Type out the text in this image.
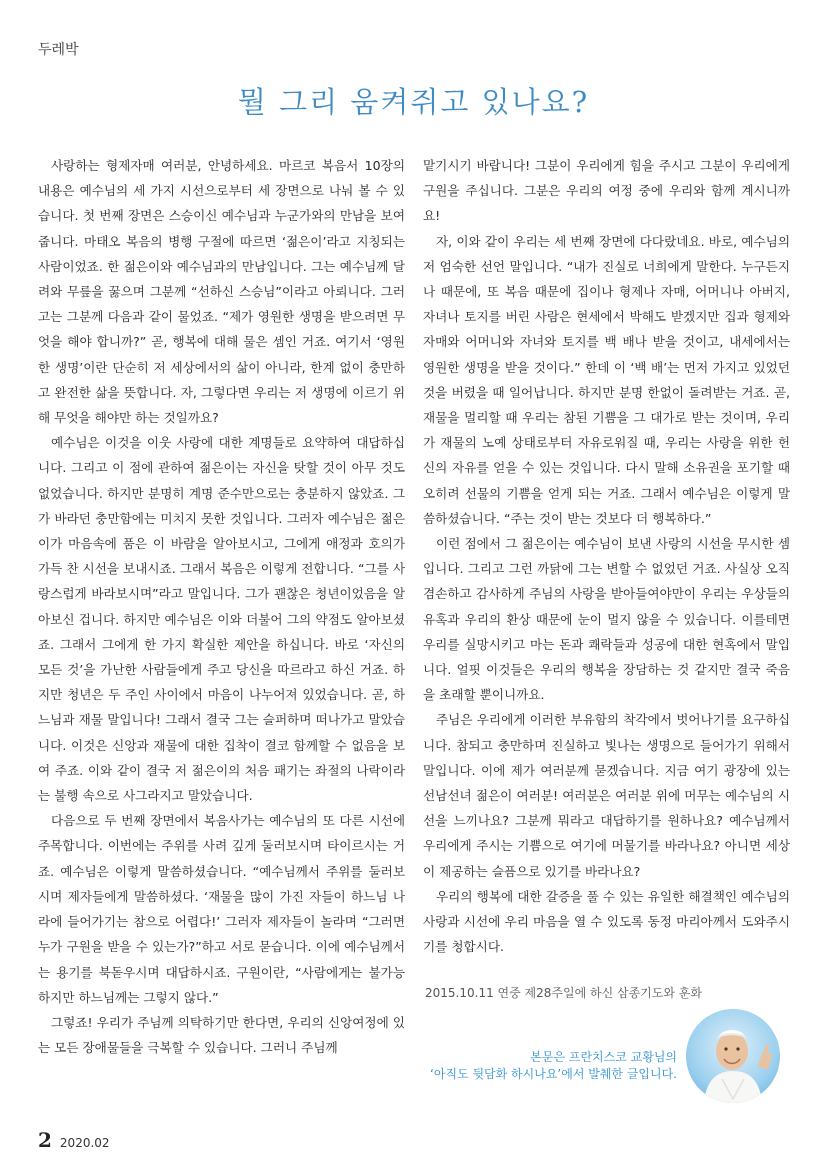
두레박
뭘 그리 움켜쥐고 있나요?

사랑하는 형제자매 여러분, 안녕하세요. 마르코 복음서 10장의 내용은 예수님의 세 가지 시선으로부터 세 장면으로 나눠 볼 수 있습니다. 첫 번째 장면은 스승이신 예수님과 누군가와의 만남을 보여 줍니다. 마태오 복음의 병행 구절에 따르면 ‘젊은이’라고 지칭되는 사람이었죠. 한 젊은이와 예수님과의 만남입니다. 그는 예수님께 달려와 무릎을 꿇으며 그분께 “선하신 스승님”이라고 아뢰니다. 그러고는 그분께 다음과 같이 물었죠. “제가 영원한 생명을 받으려면 무엇을 해야 합니까?” 곧, 행복에 대해 물은 셈인 거죠. 여기서 ‘영원한 생명’이란 단순히 저 세상에서의 삶이 아니라, 한계 없이 충만하고 완전한 삶을 뜻합니다. 자, 그렇다면 우리는 저 생명에 이르기 위해 무엇을 해야만 하는 것일까요?

예수님은 이것을 이웃 사랑에 대한 계명들로 요약하여 대답하십니다. 그리고 이 점에 관하여 젊은이는 자신을 탓할 것이 아무 것도 없었습니다. 하지만 분명히 계명 준수만으로는 충분하지 않았죠. 그가 바라던 충만함에는 미치지 못한 것입니다. 그러자 예수님은 젊은이가 마음속에 품은 이 바람을 알아보시고, 그에게 애정과 호의가 가득 찬 시선을 보내시죠. 그래서 복음은 이렇게 전합니다. “그를 사랑스럽게 바라보시며”라고 말입니다. 그가 괜찮은 청년이었음을 알아보신 겁니다. 하지만 예수님은 이와 더불어 그의 약점도 알아보셨죠. 그래서 그에게 한 가지 확실한 제안을 하십니다. 바로 ‘자신의 모든 것’을 가난한 사람들에게 주고 당신을 따르라고 하신 거죠. 하지만 청년은 두 주인 사이에서 마음이 나누어져 있었습니다. 곧, 하느님과 재물 말입니다! 그래서 결국 그는 슬퍼하며 떠나가고 말았습니다. 이것은 신앙과 재물에 대한 집착이 결코 함께할 수 없음을 보여 주죠. 이와 같이 결국 저 젊은이의 처음 패기는 좌절의 나락이라는 불행 속으로 사그라지고 말았습니다.

다음으로 두 번째 장면에서 복음사가는 예수님의 또 다른 시선에 주목합니다. 이번에는 주위를 사려 깊게 둘러보시며 타이르시는 거죠. 예수님은 이렇게 말씀하셨습니다. “예수님께서 주위를 둘러보시며 제자들에게 말씀하셨다. ‘재물을 많이 가진 자들이 하느님 나라에 들어가기는 참으로 어렵다!’ 그러자 제자들이 놀라며 “그러면 누가 구원을 받을 수 있는가?”하고 서로 묻습니다. 이에 예수님께서는 용기를 북돋우시며 대답하시죠. 구원이란, “사람에게는 불가능하지만 하느님께는 그렇지 않다.”

그렇죠! 우리가 주님께 의탁하기만 한다면, 우리의 신앙여정에 있는 모든 장애물들을 극복할 수 있습니다. 그러니 주님께

맡기시기 바랍니다! 그분이 우리에게 힘을 주시고 그분이 우리에게 구원을 주십니다. 그분은 우리의 여정 중에 우리와 함께 계시니까요!

자, 이와 같이 우리는 세 번째 장면에 다다랐네요. 바로, 예수님의 저 엄숙한 선언 말입니다. “내가 진실로 너희에게 말한다. 누구든지 나 때문에, 또 복음 때문에 집이나 형제나 자매, 어머니나 아버지, 자녀나 토지를 버린 사람은 현세에서 박해도 받겠지만 집과 형제와 자매와 어머니와 자녀와 토지를 백 배나 받을 것이고, 내세에서는 영원한 생명을 받을 것이다.” 한데 이 ‘백 배’는 먼저 가지고 있었던 것을 버렸을 때 일어납니다. 하지만 분명 한없이 돌려받는 거죠. 곧, 재물을 멀리할 때 우리는 참된 기쁨을 그 대가로 받는 것이며, 우리가 재물의 노예 상태로부터 자유로워질 때, 우리는 사랑을 위한 헌신의 자유를 얻을 수 있는 것입니다. 다시 말해 소유권을 포기할 때 오히려 선물의 기쁨을 얻게 되는 거죠. 그래서 예수님은 이렇게 말씀하셨습니다. “주는 것이 받는 것보다 더 행복하다.”

이런 점에서 그 젊은이는 예수님이 보낸 사랑의 시선을 무시한 셈입니다. 그리고 그런 까닭에 그는 변할 수 없었던 거죠. 사실상 오직 겸손하고 감사하게 주님의 사랑을 받아들여야만이 우리는 우상들의 유혹과 우리의 환상 때문에 눈이 멀지 않을 수 있습니다. 이를테면 우리를 실망시키고 마는 돈과 쾌락들과 성공에 대한 현혹에서 말입니다. 얼핏 이것들은 우리의 행복을 장담하는 것 같지만 결국 죽음을 초래할 뿐이니까요.

주님은 우리에게 이러한 부유함의 착각에서 벗어나기를 요구하십니다. 참되고 충만하며 진실하고 빛나는 생명으로 들어가기 위해서 말입니다. 이에 제가 여러분께 묻겠습니다. 지금 여기 광장에 있는 선남선녀 젊은이 여러분! 여러분은 여러분 위에 머무는 예수님의 시선을 느끼나요? 그분께 뭐라고 대답하기를 원하나요? 예수님께서 우리에게 주시는 기쁨으로 여기에 머물기를 바라나요? 아니면 세상이 제공하는 슬픔으로 있기를 바라나요?

우리의 행복에 대한 갈증을 풀 수 있는 유일한 해결책인 예수님의 사랑과 시선에 우리 마음을 열 수 있도록 동정 마리아께서 도와주시기를 청합시다.

2015.10.11 연중 제28주일에 하신 삼종기도와 훈화
본문은 프란치스코 교황님의
‘아직도 뒷담화 하시나요’에서 발췌한 글입니다.
2 2020.02
